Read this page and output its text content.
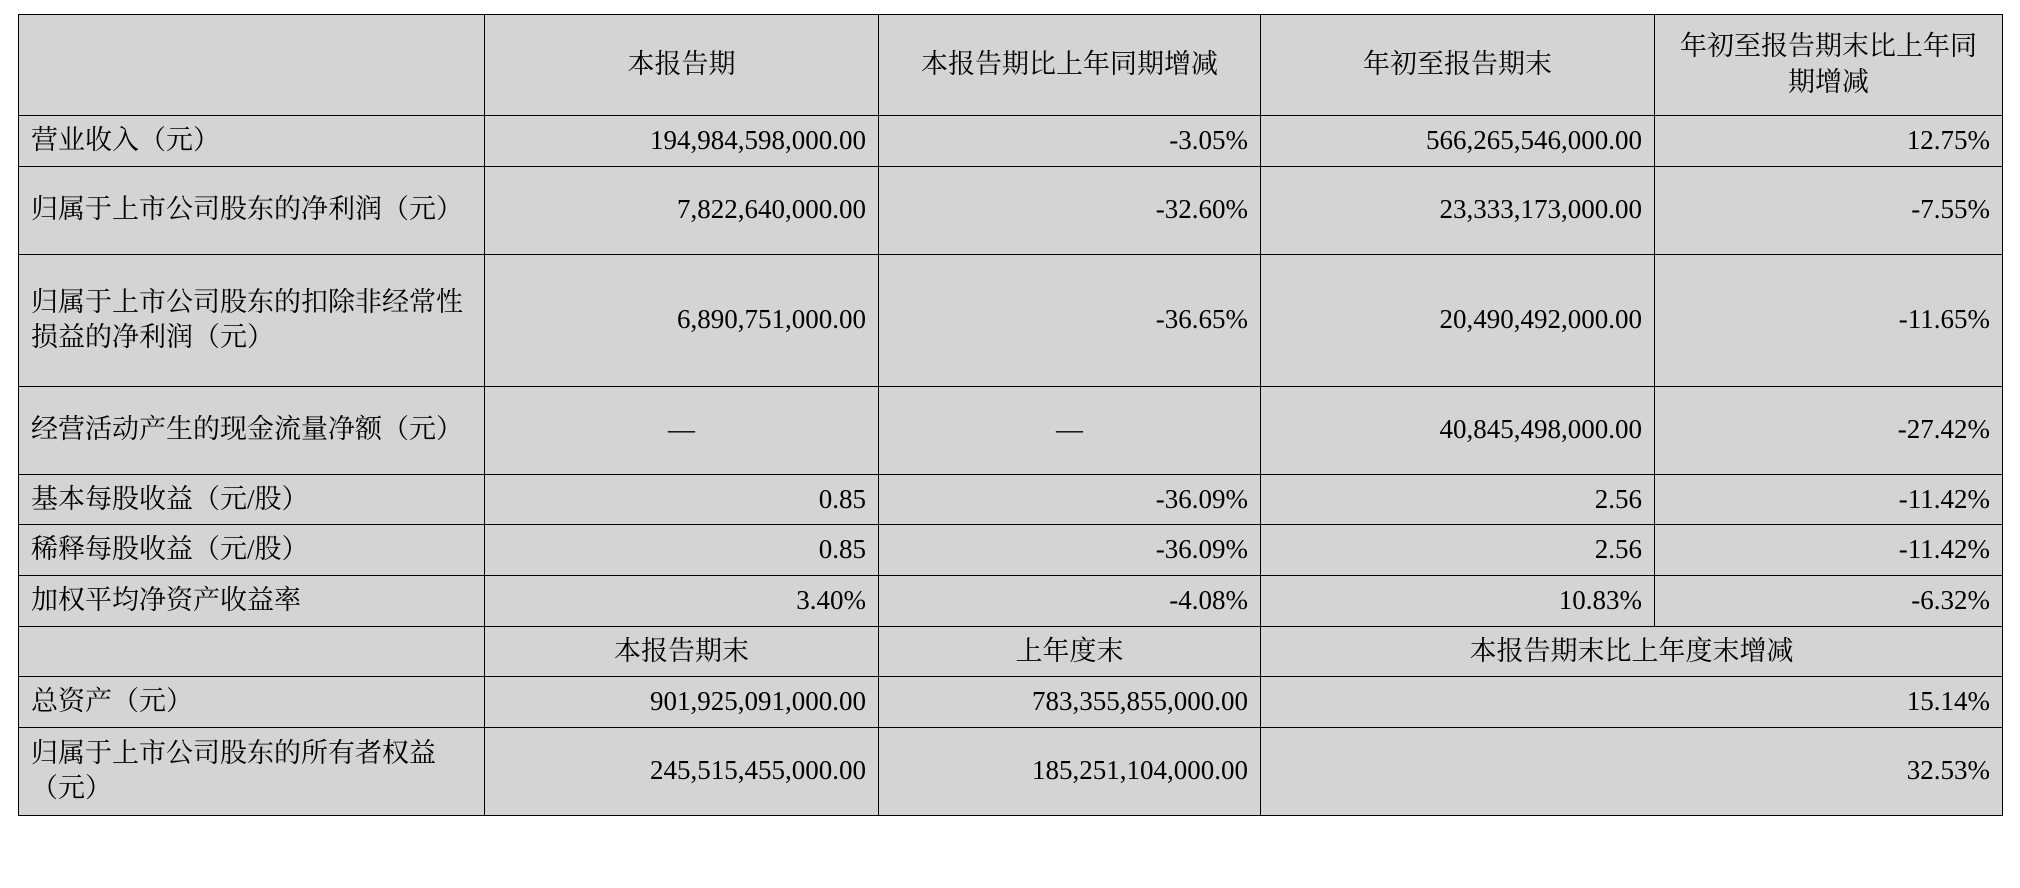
	本报告期	本报告期比上年同期增减	年初至报告期末	年初至报告期末比上年同期增减
营业收入（元）	194,984,598,000.00	-3.05%	566,265,546,000.00	12.75%
归属于上市公司股东的净利润（元）	7,822,640,000.00	-32.60%	23,333,173,000.00	-7.55%
归属于上市公司股东的扣除非经常性损益的净利润（元）	6,890,751,000.00	-36.65%	20,490,492,000.00	-11.65%
经营活动产生的现金流量净额（元）	—	—	40,845,498,000.00	-27.42%
基本每股收益（元/股）	0.85	-36.09%	2.56	-11.42%
稀释每股收益（元/股）	0.85	-36.09%	2.56	-11.42%
加权平均净资产收益率	3.40%	-4.08%	10.83%	-6.32%
	本报告期末	上年度末	本报告期末比上年度末增减	
总资产（元）	901,925,091,000.00	783,355,855,000.00	15.14%	
归属于上市公司股东的所有者权益（元）	245,515,455,000.00	185,251,104,000.00	32.53%	
